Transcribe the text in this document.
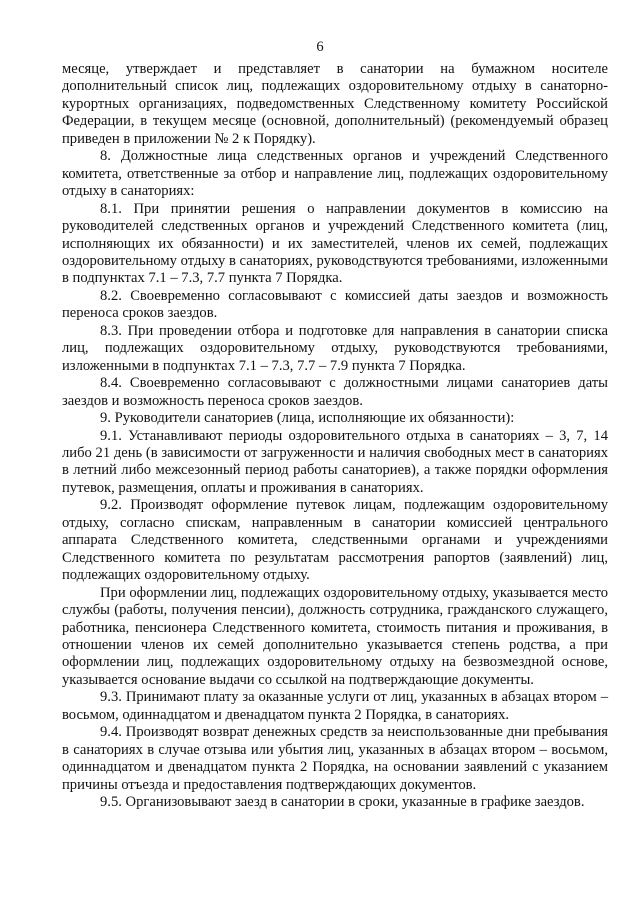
6

месяце, утверждает и представляет в санатории на бумажном носителе дополнительный список лиц, подлежащих оздоровительному отдыху в санаторно-курортных организациях, подведомственных Следственному комитету Российской Федерации, в текущем месяце (основной, дополнительный) (рекомендуемый образец приведен в приложении № 2 к Порядку).

8. Должностные лица следственных органов и учреждений Следственного комитета, ответственные за отбор и направление лиц, подлежащих оздоровительному отдыху в санаториях:

8.1. При принятии решения о направлении документов в комиссию на руководителей следственных органов и учреждений Следственного комитета (лиц, исполняющих их обязанности) и их заместителей, членов их семей, подлежащих оздоровительному отдыху в санаториях, руководствуются требованиями, изложенными в подпунктах 7.1 – 7.3, 7.7 пункта 7 Порядка.

8.2. Своевременно согласовывают с комиссией даты заездов и возможность переноса сроков заездов.

8.3. При проведении отбора и подготовке для направления в санатории списка лиц, подлежащих оздоровительному отдыху, руководствуются требованиями, изложенными в подпунктах 7.1 – 7.3, 7.7 – 7.9 пункта 7 Порядка.

8.4. Своевременно согласовывают с должностными лицами санаториев даты заездов и возможность переноса сроков заездов.

9. Руководители санаториев (лица, исполняющие их обязанности):

9.1. Устанавливают периоды оздоровительного отдыха в санаториях – 3, 7, 14 либо 21 день (в зависимости от загруженности и наличия свободных мест в санаториях в летний либо межсезонный период работы санаториев), а также порядки оформления путевок, размещения, оплаты и проживания в санаториях.

9.2. Производят оформление путевок лицам, подлежащим оздоровительному отдыху, согласно спискам, направленным в санатории комиссией центрального аппарата Следственного комитета, следственными органами и учреждениями Следственного комитета по результатам рассмотрения рапортов (заявлений) лиц, подлежащих оздоровительному отдыху.

При оформлении лиц, подлежащих оздоровительному отдыху, указывается место службы (работы, получения пенсии), должность сотрудника, гражданского служащего, работника, пенсионера Следственного комитета, стоимость питания и проживания, в отношении членов их семей дополнительно указывается степень родства, а при оформлении лиц, подлежащих оздоровительному отдыху на безвозмездной основе, указывается основание выдачи со ссылкой на подтверждающие документы.

9.3. Принимают плату за оказанные услуги от лиц, указанных в абзацах втором – восьмом, одиннадцатом и двенадцатом пункта 2 Порядка, в санаториях.

9.4. Производят возврат денежных средств за неиспользованные дни пребывания в санаториях в случае отзыва или убытия лиц, указанных в абзацах втором – восьмом, одиннадцатом и двенадцатом пункта 2 Порядка, на основании заявлений с указанием причины отъезда и предоставления подтверждающих документов.

9.5. Организовывают заезд в санатории в сроки, указанные в графике заездов.
